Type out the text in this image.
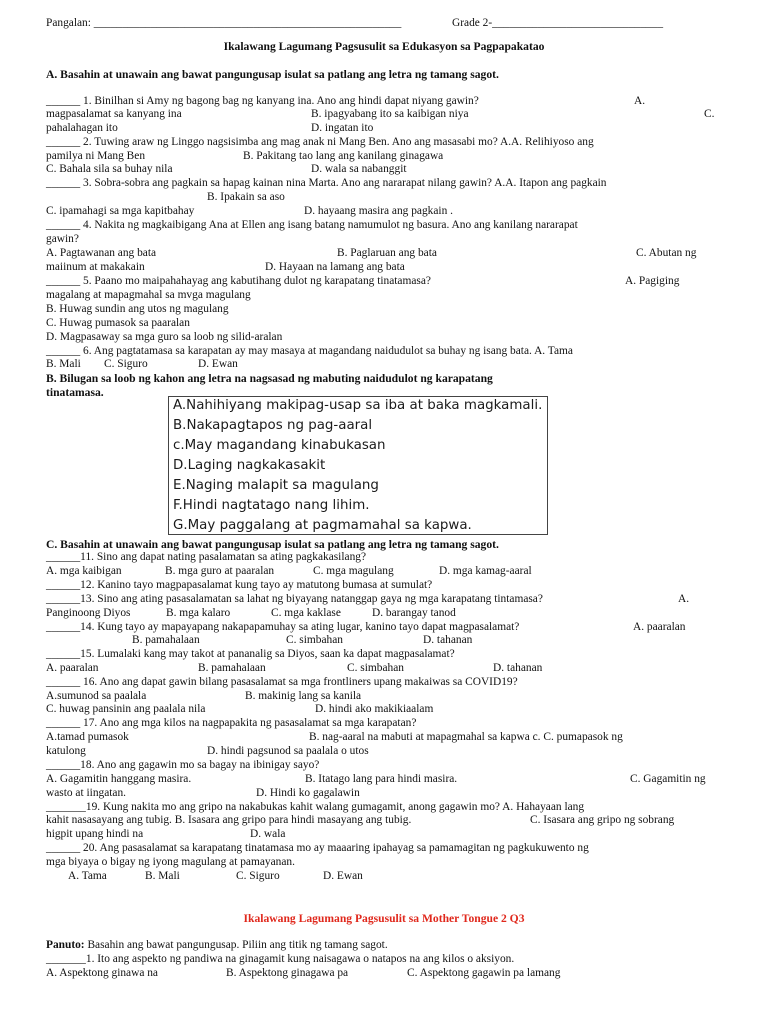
Pangalan: ______________________________________________________	Grade 2-______________________________
Ikalawang Lagumang Pagsusulit sa Edukasyon sa Pagpapakatao
A. Basahin at unawain ang bawat pangungusap isulat sa patlang ang letra ng tamang sagot.
______ 1. Binilhan si Amy ng bagong bag ng kanyang ina. Ano ang hindi dapat niyang gawin?	A.
magpasalamat sa kanyang ina	B. ipagyabang ito sa kaibigan niya	C.
pahalahagan ito	D. ingatan ito
______ 2. Tuwing araw ng Linggo nagsisimba ang mag anak ni Mang Ben. Ano ang masasabi mo? A.A. Relihiyoso ang
pamilya ni Mang Ben	B. Pakitang tao lang ang kanilang ginagawa
C. Bahala sila sa buhay nila	D. wala sa nabanggit
______ 3. Sobra-sobra ang pagkain sa hapag kainan nina Marta. Ano ang nararapat nilang gawin? A.A. Itapon ang pagkain
B. Ipakain sa aso
C. ipamahagi sa mga kapitbahay	D. hayaang masira ang pagkain .
______ 4. Nakita ng magkaibigang Ana at Ellen ang isang batang namumulot ng basura. Ano ang kanilang nararapat
gawin?
A. Pagtawanan ang bata	B. Paglaruan ang bata	C. Abutan ng
maiinum at makakain	D. Hayaan na lamang ang bata
______ 5. Paano mo maipahahayag ang kabutihang dulot ng karapatang tinatamasa?	A. Pagiging
magalang at mapagmahal sa mvga magulang
B. Huwag sundin ang utos ng magulang
C. Huwag pumasok sa paaralan
D. Magpasaway sa mga guro sa loob ng silid-aralan
______ 6. Ang pagtatamasa sa karapatan ay may masaya at magandang naidudulot sa buhay ng isang bata. A. Tama
B. Mali C. Siguro	D. Ewan
B. Bilugan sa loob ng kahon ang letra na nagsasad ng mabuting naidudulot ng karapatang
tinatamasa.
A.Nahihiyang makipag-usap sa iba at baka magkamali.
B.Nakapagtapos ng pag-aaral
c.May magandang kinabukasan
D.Laging nagkakasakit
E.Naging malapit sa magulang
F.Hindi nagtatago nang lihim.
G.May paggalang at pagmamahal sa kapwa.
C. Basahin at unawain ang bawat pangungusap isulat sa patlang ang letra ng tamang sagot.
______11. Sino ang dapat nating pasalamatan sa ating pagkakasilang?
A. mga kaibigan	B. mga guro at paaralan	C. mga magulang	D. mga kamag-aaral
______12. Kanino tayo magpapasalamat kung tayo ay matutong bumasa at sumulat?
______13. Sino ang ating pasasalamatan sa lahat ng biyayang natanggap gaya ng mga karapatang tintamasa?	A.
Panginoong Diyos	B. mga kalaro	C. mga kaklase	D. barangay tanod
______14. Kung tayo ay mapayapang nakapapamuhay sa ating lugar, kanino tayo dapat magpasalamat?	A. paaralan
B. pamahalaan	C. simbahan	D. tahanan
______15. Lumalaki kang may takot at pananalig sa Diyos, saan ka dapat magpasalamat?
A. paaralan	B. pamahalaan	C. simbahan	D. tahanan
______ 16. Ano ang dapat gawin bilang pasasalamat sa mga frontliners upang makaiwas sa COVID19?
A.sumunod sa paalala	B. makinig lang sa kanila
C. huwag pansinin ang paalala nila	D. hindi ako makikiaalam
______ 17. Ano ang mga kilos na nagpapakita ng pasasalamat sa mga karapatan?
A.tamad pumasok	B. nag-aaral na mabuti at mapagmahal sa kapwa c. C. pumapasok ng
katulong	D. hindi pagsunod sa paalala o utos
______18. Ano ang gagawin mo sa bagay na ibinigay sayo?
A. Gagamitin hanggang masira.	B. Itatago lang para hindi masira.	C. Gagamitin ng
wasto at iingatan.	D. Hindi ko gagalawin
_______19. Kung nakita mo ang gripo na nakabukas kahit walang gumagamit, anong gagawin mo? A. Hahayaan lang
kahit nasasayang ang tubig. B. Isasara ang gripo para hindi masayang ang tubig.	C. Isasara ang gripo ng sobrang
higpit upang hindi na	D. wala
______ 20. Ang pasasalamat sa karapatang tinatamasa mo ay maaaring ipahayag sa pamamagitan ng pagkukuwento ng
mga biyaya o bigay ng iyong magulang at pamayanan.
A. Tama	B. Mali	C. Siguro	D. Ewan
Ikalawang Lagumang Pagsusulit sa Mother Tongue 2 Q3
Panuto: Basahin ang bawat pangungusap. Piliin ang titik ng tamang sagot.
_______1. Ito ang aspekto ng pandiwa na ginagamit kung naisagawa o natapos na ang kilos o aksiyon.
A. Aspektong ginawa na	B. Aspektong ginagawa pa	C. Aspektong gagawin pa lamang
